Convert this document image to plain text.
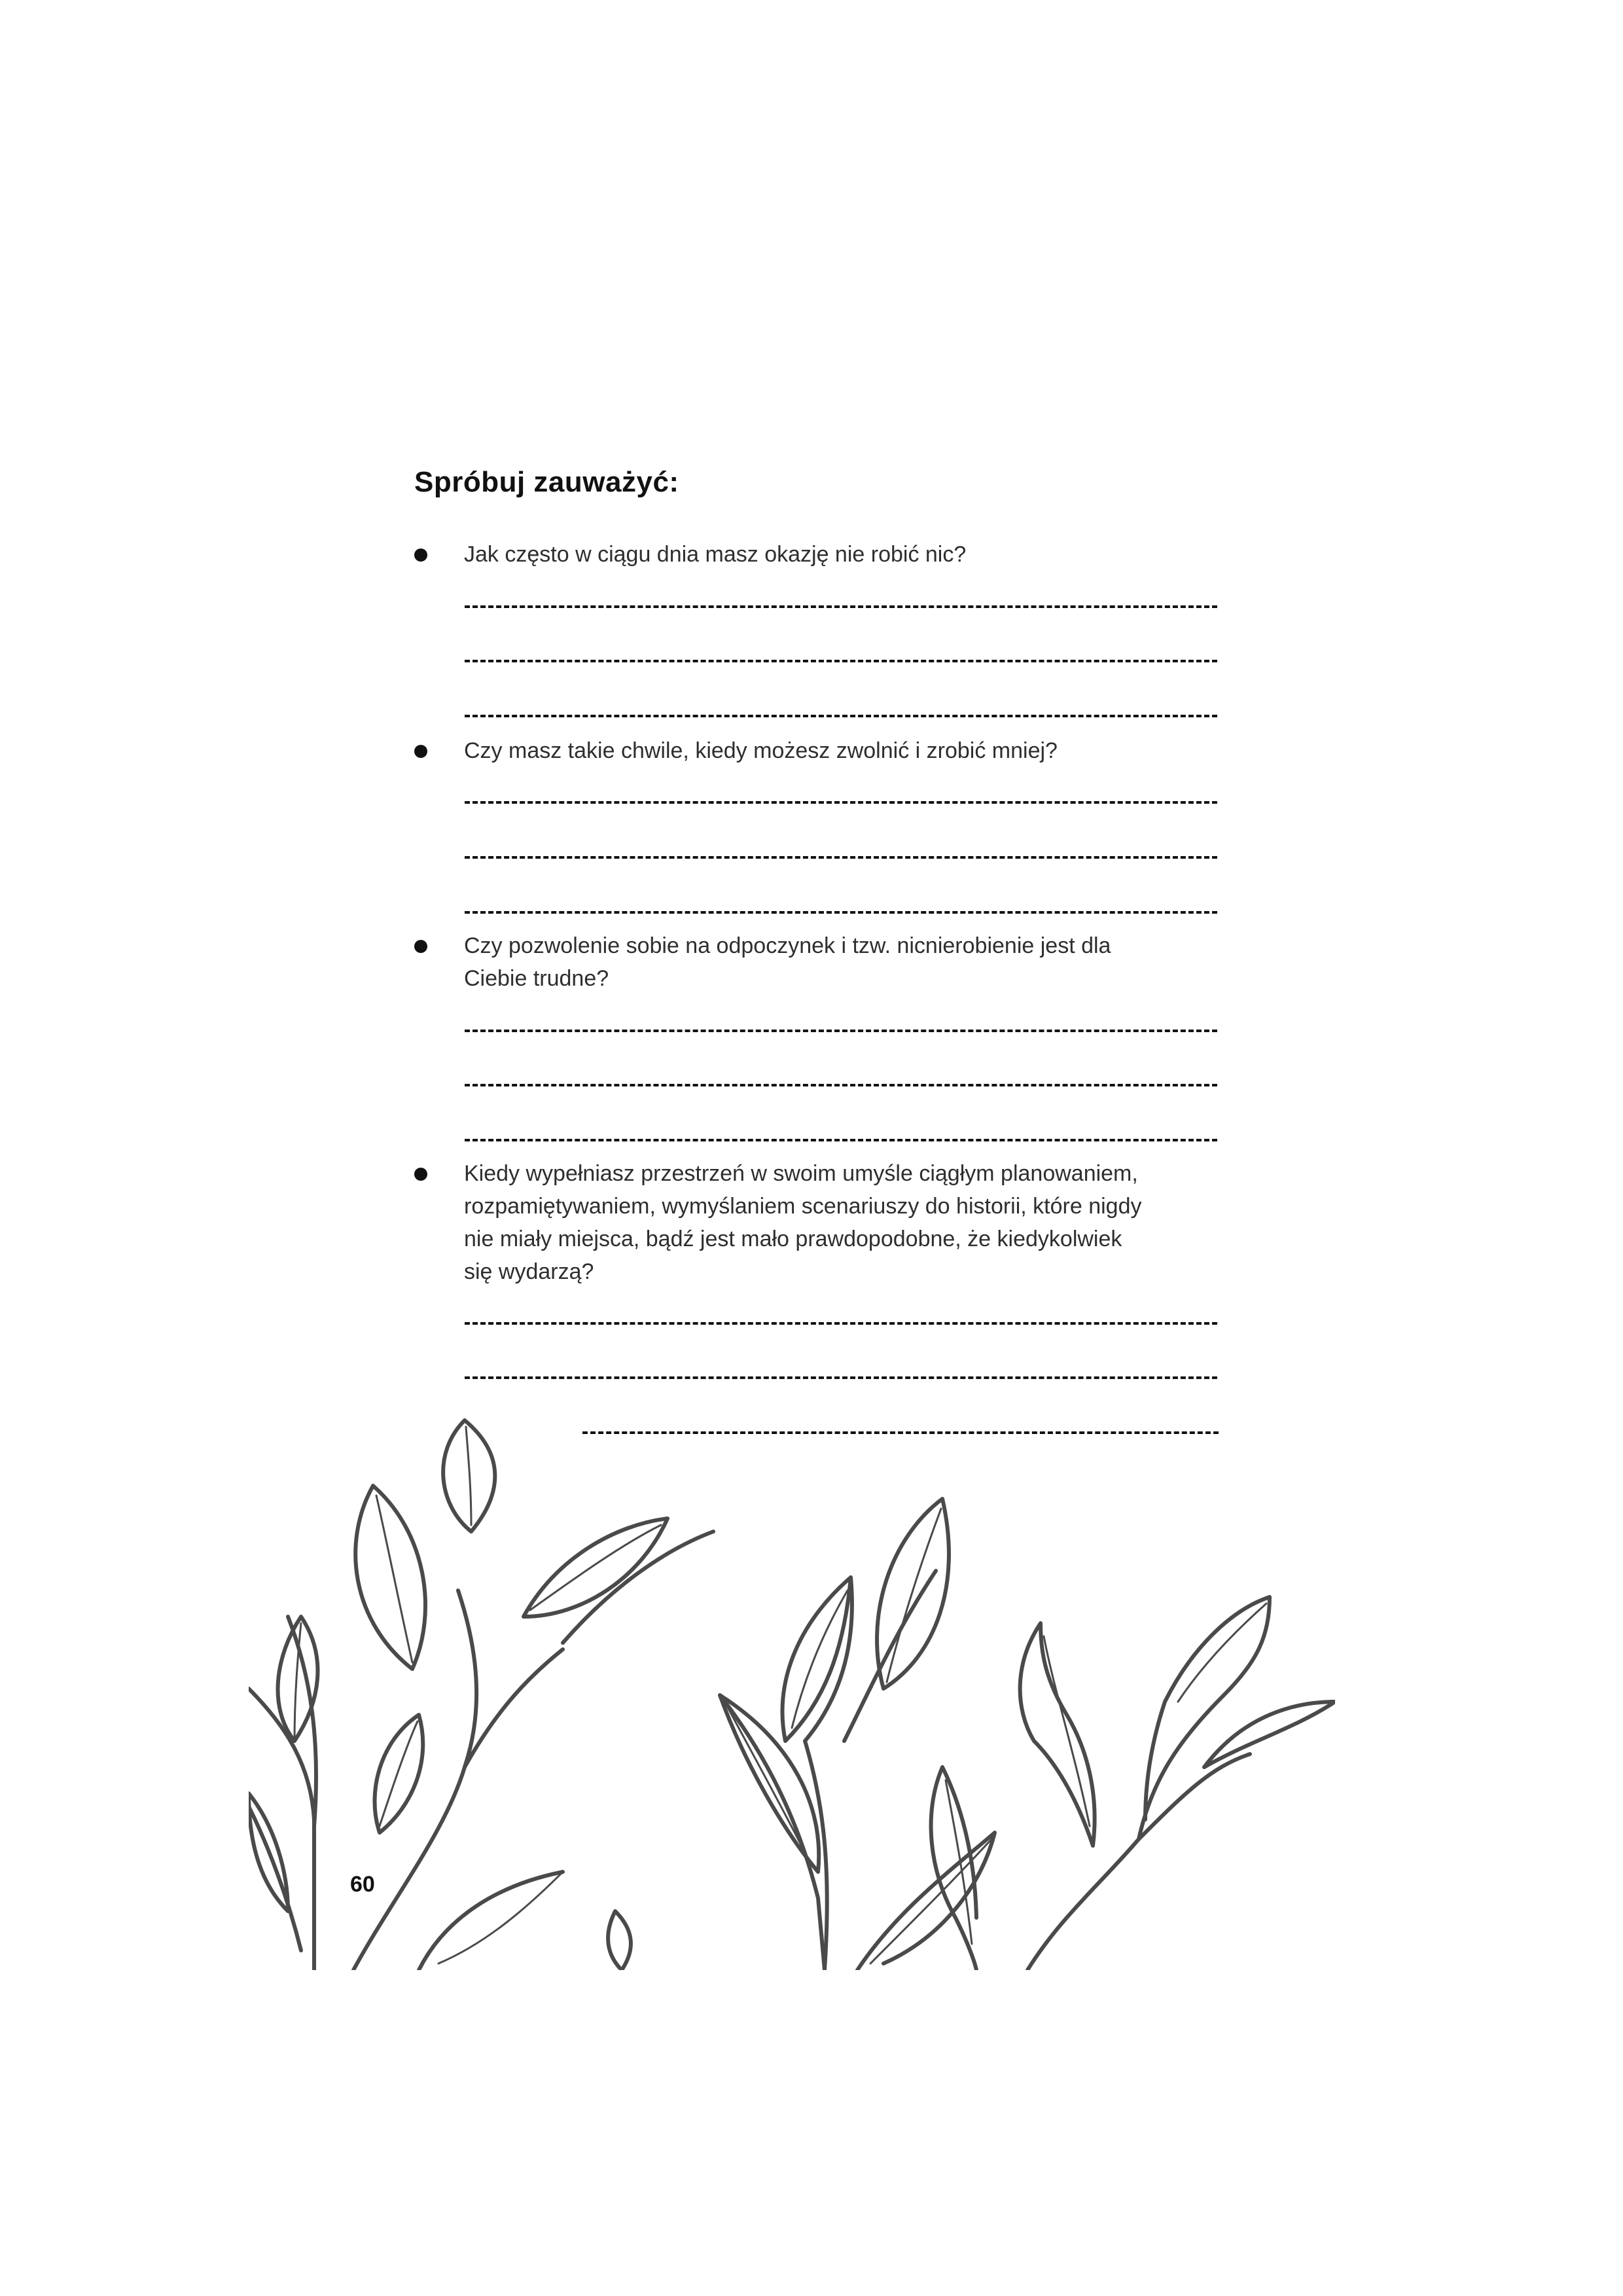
Spróbuj zauważyć:
Jak często w ciągu dnia masz okazję nie robić nic?
Czy masz takie chwile, kiedy możesz zwolnić i zrobić mniej?
Czy pozwolenie sobie na odpoczynek i tzw. nicnierobienie jest dla
Ciebie trudne?
Kiedy wypełniasz przestrzeń w swoim umyśle ciągłym planowaniem,
rozpamiętywaniem, wymyślaniem scenariuszy do historii, które nigdy
nie miały miejsca, bądź jest mało prawdopodobne, że kiedykolwiek
się wydarzą?
60
